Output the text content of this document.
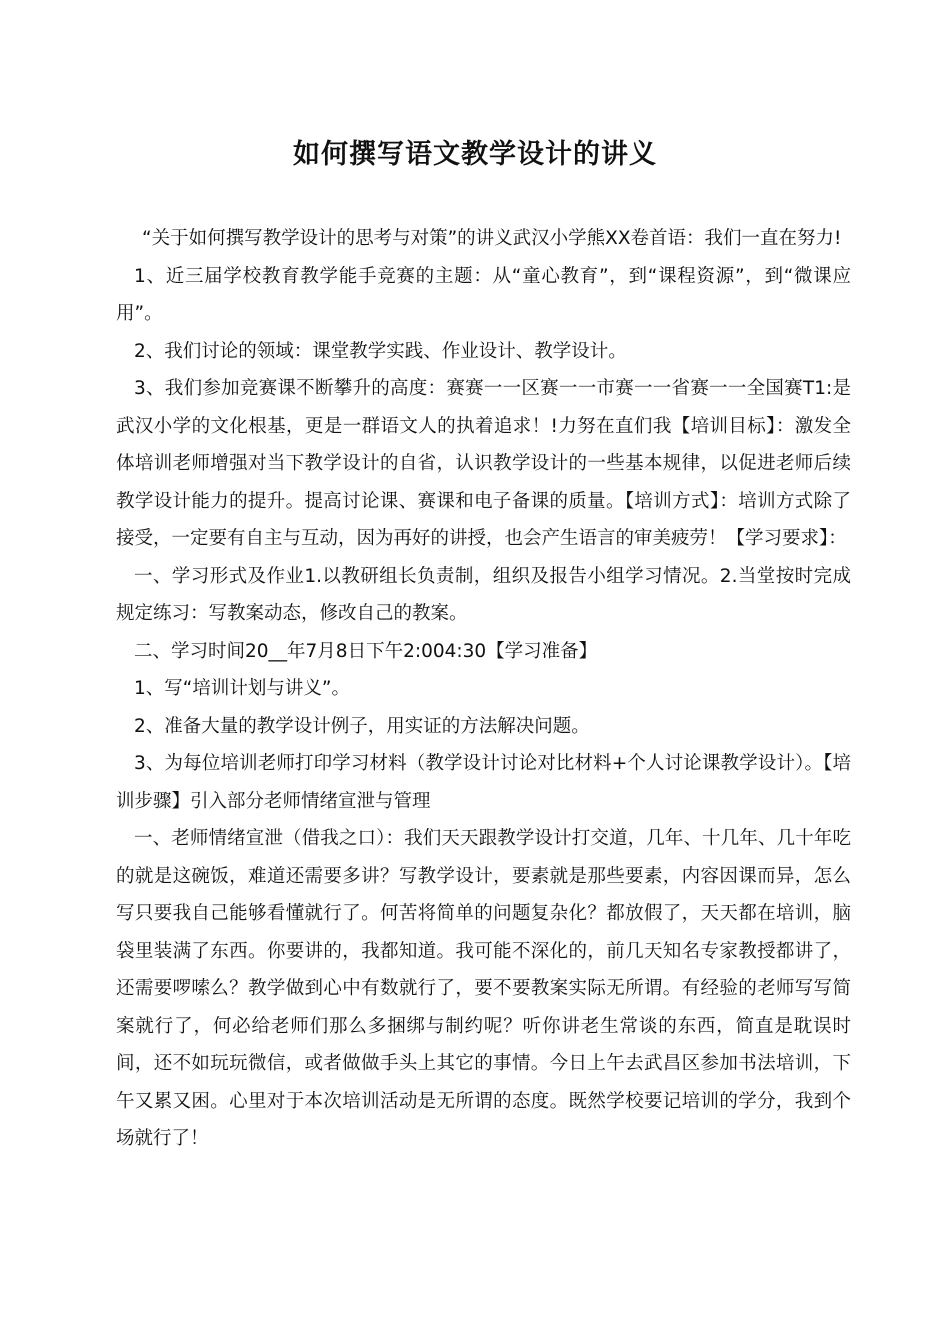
如何撰写语文教学设计的讲义

“关于如何撰写教学设计的思考与对策”的讲义武汉小学熊XX卷首语：我们一直在努力!

1、近三届学校教育教学能手竞赛的主题：从“童心教育”，到“课程资源”，到“微课应用”。

2、我们讨论的领域：课堂教学实践、作业设计、教学设计。

3、我们参加竞赛课不断攀升的高度：赛赛一一区赛一一市赛一一省赛一一全国赛T1:是武汉小学的文化根基，更是一群语文人的执着追求！!力努在直们我【培训目标】：激发全体培训老师增强对当下教学设计的自省，认识教学设计的一些基本规律，以促进老师后续教学设计能力的提升。提高讨论课、赛课和电子备课的质量。【培训方式】：培训方式除了接受，一定要有自主与互动，因为再好的讲授，也会产生语言的审美疲劳！【学习要求】：

一、学习形式及作业1.以教研组长负责制，组织及报告小组学习情况。2.当堂按时完成规定练习：写教案动态，修改自己的教案。

二、学习时间20__年7月8日下午2:004:30【学习准备】

1、写“培训计划与讲义”。

2、准备大量的教学设计例子，用实证的方法解决问题。

3、为每位培训老师打印学习材料（教学设计讨论对比材料+个人讨论课教学设计）。【培训步骤】引入部分老师情绪宣泄与管理

一、老师情绪宣泄（借我之口）：我们天天跟教学设计打交道，几年、十几年、几十年吃的就是这碗饭，难道还需要多讲？写教学设计，要素就是那些要素，内容因课而异，怎么写只要我自己能够看懂就行了。何苦将简单的问题复杂化？都放假了，天天都在培训，脑袋里装满了东西。你要讲的，我都知道。我可能不深化的，前几天知名专家教授都讲了，还需要啰嗦么？教学做到心中有数就行了，要不要教案实际无所谓。有经验的老师写写简案就行了，何必给老师们那么多捆绑与制约呢？听你讲老生常谈的东西，简直是耽误时间，还不如玩玩微信，或者做做手头上其它的事情。今日上午去武昌区参加书法培训，下午又累又困。心里对于本次培训活动是无所谓的态度。既然学校要记培训的学分，我到个场就行了！
